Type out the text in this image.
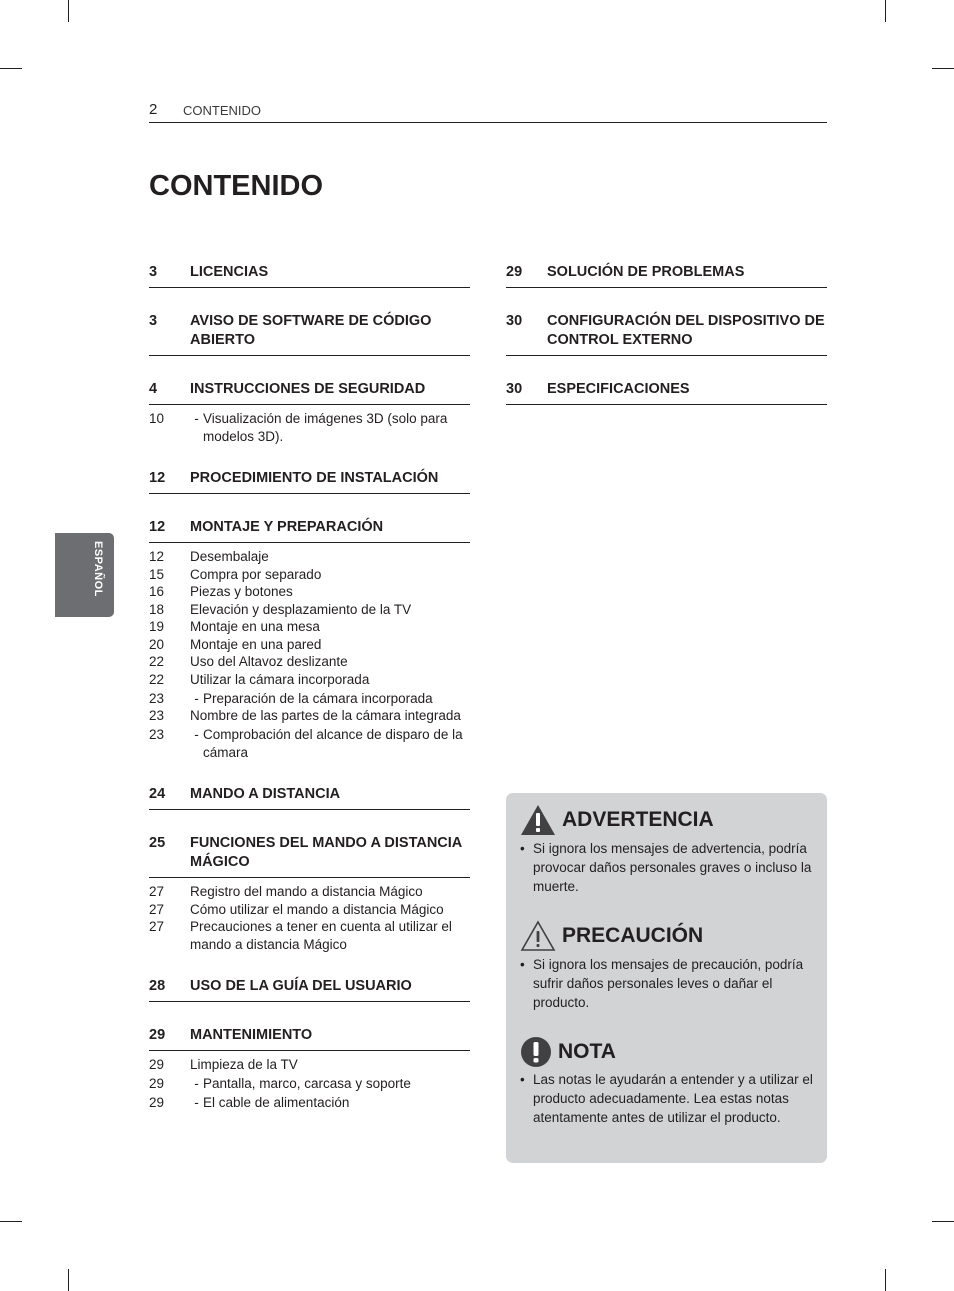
2 CONTENIDO
CONTENIDO
ESPAÑOL
3	LICENCIAS
3	AVISO DE SOFTWARE DE CÓDIGO ABIERTO
4	INSTRUCCIONES DE SEGURIDAD
10	- Visualización de imágenes 3D (solo para modelos 3D).
12	PROCEDIMIENTO DE INSTALACIÓN
12	MONTAJE Y PREPARACIÓN
12	Desembalaje
15	Compra por separado
16	Piezas y botones
18	Elevación y desplazamiento de la TV
19	Montaje en una mesa
20	Montaje en una pared
22	Uso del Altavoz deslizante
22	Utilizar la cámara incorporada
23	- Preparación de la cámara incorporada
23	Nombre de las partes de la cámara integrada
23	- Comprobación del alcance de disparo de la cámara
24	MANDO A DISTANCIA
25	FUNCIONES DEL MANDO A DISTANCIA MÁGICO
27	Registro del mando a distancia Mágico
27	Cómo utilizar el mando a distancia Mágico
27	Precauciones a tener en cuenta al utilizar el mando a distancia Mágico
28	USO DE LA GUÍA DEL USUARIO
29	MANTENIMIENTO
29	Limpieza de la TV
29	- Pantalla, marco, carcasa y soporte
29	- El cable de alimentación
29	SOLUCIÓN DE PROBLEMAS
30	CONFIGURACIÓN DEL DISPOSITIVO DE CONTROL EXTERNO
30	ESPECIFICACIONES
ADVERTENCIA
• Si ignora los mensajes de advertencia, podría provocar daños personales graves o incluso la muerte.
PRECAUCIÓN
• Si ignora los mensajes de precaución, podría sufrir daños personales leves o dañar el producto.
NOTA
• Las notas le ayudarán a entender y a utilizar el producto adecuadamente. Lea estas notas atentamente antes de utilizar el producto.
